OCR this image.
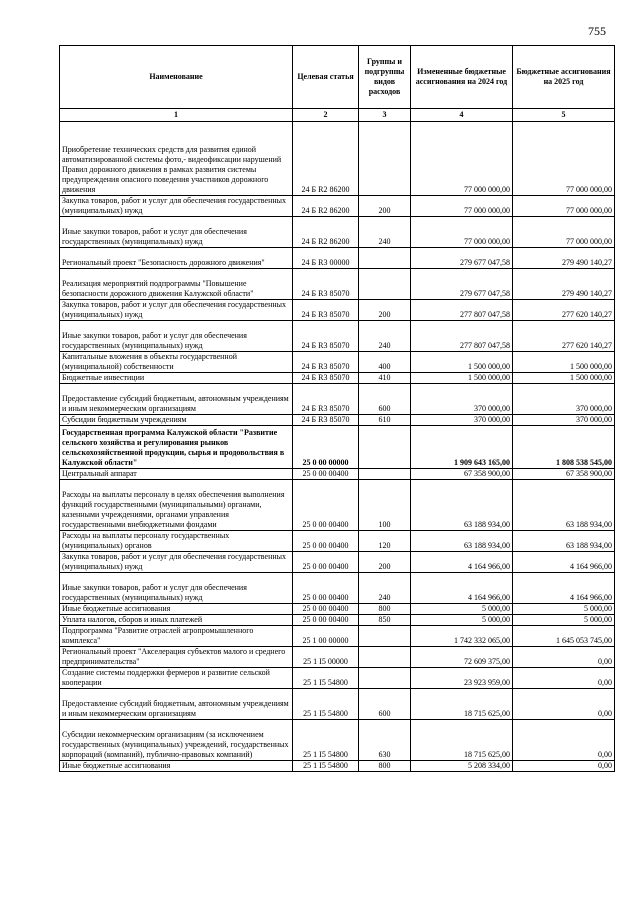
755
Наименование	Целевая статья	Группы и подгруппы видов расходов	Измененные бюджетные ассигнования на 2024 год	Бюджетные ассигнования на 2025 год
1	2	3	4	5
Приобретение технических средств для развития единой автоматизированной системы фото,- видеофиксации нарушений Правил дорожного движения в рамках развития системы предупреждения опасного поведения участников дорожного движения	24 Б R2 86200		77 000 000,00	77 000 000,00
Закупка товаров, работ и услуг для обеспечения государственных (муниципальных) нужд	24 Б R2 86200	200	77 000 000,00	77 000 000,00
Иные закупки товаров, работ и услуг для обеспечения государственных (муниципальных) нужд	24 Б R2 86200	240	77 000 000,00	77 000 000,00
Региональный проект "Безопасность дорожного движения"	24 Б R3 00000		279 677 047,58	279 490 140,27
Реализация мероприятий подпрограммы "Повышение безопасности дорожного движения Калужской области"	24 Б R3 85070		279 677 047,58	279 490 140,27
Закупка товаров, работ и услуг для обеспечения государственных (муниципальных) нужд	24 Б R3 85070	200	277 807 047,58	277 620 140,27
Иные закупки товаров, работ и услуг для обеспечения государственных (муниципальных) нужд	24 Б R3 85070	240	277 807 047,58	277 620 140,27
Капитальные вложения в объекты государственной (муниципальной) собственности	24 Б R3 85070	400	1 500 000,00	1 500 000,00
Бюджетные инвестиции	24 Б R3 85070	410	1 500 000,00	1 500 000,00
Предоставление субсидий бюджетным, автономным учреждениям и иным некоммерческим организациям	24 Б R3 85070	600	370 000,00	370 000,00
Субсидии бюджетным учреждениям	24 Б R3 85070	610	370 000,00	370 000,00
Государственная программа Калужской области "Развитие сельского хозяйства и регулирования рынков сельскохозяйственной продукции, сырья и продовольствия в Калужской области"	25 0 00 00000		1 909 643 165,00	1 808 538 545,00
Центральный аппарат	25 0 00 00400		67 358 900,00	67 358 900,00
Расходы на выплаты персоналу в целях обеспечения выполнения функций государственными (муниципальными) органами, казенными учреждениями, органами управления государственными внебюджетными фондами	25 0 00 00400	100	63 188 934,00	63 188 934,00
Расходы на выплаты персоналу государственных (муниципальных) органов	25 0 00 00400	120	63 188 934,00	63 188 934,00
Закупка товаров, работ и услуг для обеспечения государственных (муниципальных) нужд	25 0 00 00400	200	4 164 966,00	4 164 966,00
Иные закупки товаров, работ и услуг для обеспечения государственных (муниципальных) нужд	25 0 00 00400	240	4 164 966,00	4 164 966,00
Иные бюджетные ассигнования	25 0 00 00400	800	5 000,00	5 000,00
Уплата налогов, сборов и иных платежей	25 0 00 00400	850	5 000,00	5 000,00
Подпрограмма "Развитие отраслей агропромышленного комплекса"	25 1 00 00000		1 742 332 065,00	1 645 053 745,00
Региональный проект "Акселерация субъектов малого и среднего предпринимательства"	25 1 I5 00000		72 609 375,00	0,00
Создание системы поддержки фермеров и развитие сельской кооперации	25 1 I5 54800		23 923 959,00	0,00
Предоставление субсидий бюджетным, автономным учреждениям и иным некоммерческим организациям	25 1 I5 54800	600	18 715 625,00	0,00
Субсидии некоммерческим организациям (за исключением государственных (муниципальных) учреждений, государственных корпораций (компаний), публично-правовых компаний)	25 1 I5 54800	630	18 715 625,00	0,00
Иные бюджетные ассигнования	25 1 I5 54800	800	5 208 334,00	0,00
